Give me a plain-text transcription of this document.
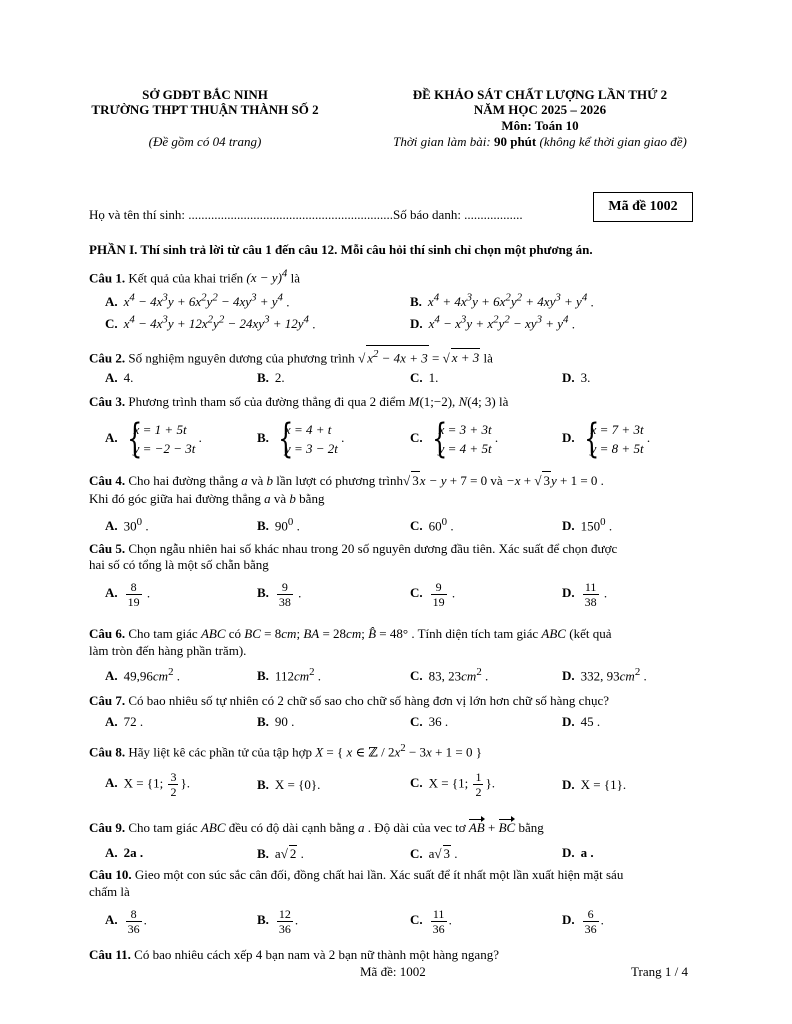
SỞ GDĐT BẮC NINH
TRƯỜNG THPT THUẬN THÀNH SỐ 2
(Đề gồm có 04 trang)
ĐỀ KHẢO SÁT CHẤT LƯỢNG LẦN THỨ 2
NĂM HỌC 2025 – 2026
Môn: Toán 10
Thời gian làm bài: 90 phút (không kể thời gian giao đề)
Họ và tên thí sinh: ...............................................................Số báo danh: ..................
Mã đề 1002
PHẦN I. Thí sinh trả lời từ câu 1 đến câu 12. Mỗi câu hỏi thí sinh chỉ chọn một phương án.
Câu 1. Kết quả của khai triển $(x - y)^4$ là
A. $x^4 - 4x^3y + 6x^2y^2 - 4xy^3 + y^4$ .	B. $x^4 + 4x^3y + 6x^2y^2 + 4xy^3 + y^4$ .
C. $x^4 - 4x^3y + 12x^2y^2 - 24xy^3 + 12y^4$ .	D. $x^4 - x^3y + x^2y^2 - xy^3 + y^4$ .
Câu 2. Số nghiệm nguyên dương của phương trình √ $x^2 - 4x + 3$ = √ x + 3 là
A. 4.	B. 2.	C. 1.	D. 3.
Câu 3. Phương trình tham số của đường thẳng đi qua 2 điểm M(1;−2), N(4; 3) là
A.
{ x = 1 + 5t
y = −2 − 3t
.	B.
{ x = 4 + t
y = 3 − 2t
.	C.
{ x = 3 + 3t
y = 4 + 5t
.	D.
{ x = 7 + 3t
y = 8 + 5t
.
Câu 4. Cho hai đường thẳng a và b lần lượt có phương trình√ 3x − y + 7 = 0 và −x + √ 3y + 1 = 0 .
Khi đó góc giữa hai đường thẳng a và b bằng
A. $30^0$ .	B. $90^0$ .	C. $60^0$ .	D. $150^0$ .
Câu 5. Chọn ngẫu nhiên hai số khác nhau trong 20 số nguyên dương đầu tiên. Xác suất để chọn được
hai số có tổng là một số chẵn bằng
A. $\frac{8}{19}$ .	B. $\frac{9}{38}$ .	C. $\frac{9}{19}$ .	D. $\frac{11}{38}$ .
Câu 6. Cho tam giác ABC có BC = 8cm; BA = 28cm; B̂ = 48° . Tính diện tích tam giác ABC (kết quả
làm tròn đến hàng phần trăm).
A. $49,96cm^2$ .	B. $112cm^2$ .	C. 83, $23cm^2$ .	D. 332, $93cm^2$ .
Câu 7. Có bao nhiêu số tự nhiên có 2 chữ số sao cho chữ số hàng đơn vị lớn hơn chữ số hàng chục?
A. 72 .	B. 90 .	C. 36 .	D. 45 .
Câu 8. Hãy liệt kê các phần tử của tập hợp X = { x ∈ ℤ / $2x^2 - 3x + 1 = 0$ }
A. X = {1; $\frac{3}{2}$ }.	B. X = {0}.	C. X = {1; $\frac{1}{2}$ }.	D. X = {1}.
Câu 9. Cho tam giác ABC đều có độ dài cạnh bằng a . Độ dài của vec tơ AB + BC bằng
A. 2a .	B. a√ 2 .	C. a√ 3 .	D. a .
Câu 10. Gieo một con súc sắc cân đối, đồng chất hai lần. Xác suất để ít nhất một lần xuất hiện mặt sáu
chấm là
A. $\frac{8}{36}$ .	B. $\frac{12}{36}$ .	C. $\frac{11}{36}$ .	D. $\frac{6}{36}$ .
Câu 11. Có bao nhiêu cách xếp 4 bạn nam và 2 bạn nữ thành một hàng ngang?
Mã đề: 1002	Trang 1 / 4
